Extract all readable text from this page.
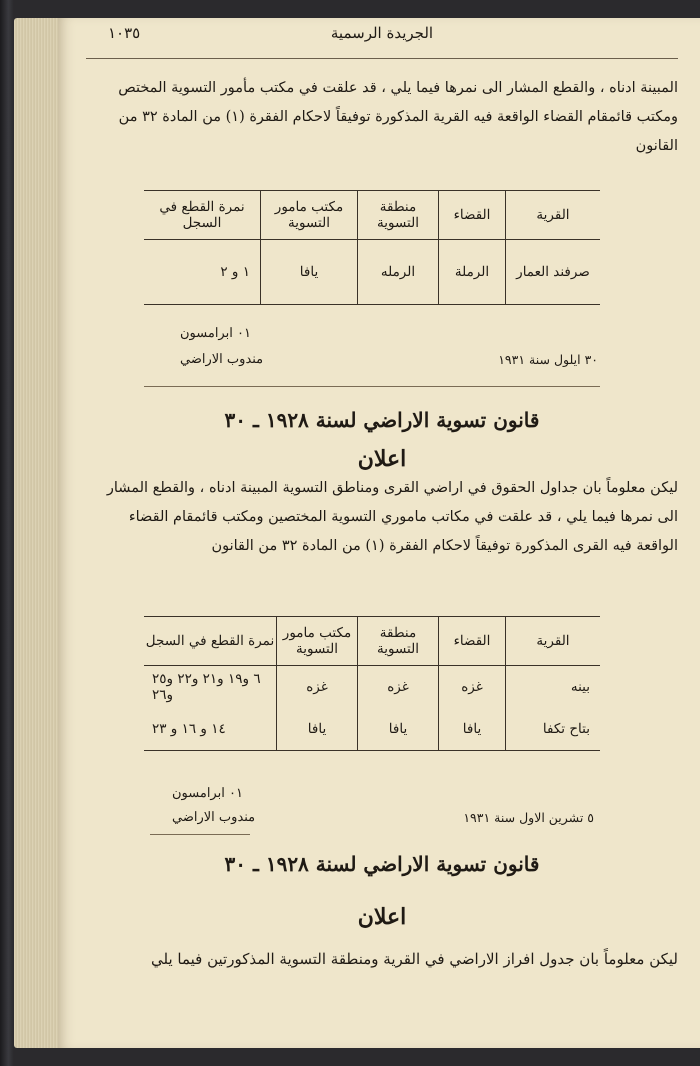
١٠٣٥	الجريدة الرسمية
المبينة ادناه ، والقطع المشار الى نمرها فيما يلي ، قد علقت في مكتب مأمور التسوية المختص ومكتب قائمقام القضاء الواقعة فيه القرية المذكورة توفيقاً لاحكام الفقرة (١) من المادة ٣٢ من القانون
القرية	القضاء	منطقة التسوية	مكتب مامور التسوية	نمرة القطع في السجل
صرفند العمار	الرملة	الرمله	يافا	١ و ٢
٠١ ابرامسون
مندوب الاراضي	٣٠ ايلول سنة ١٩٣١
قانون تسوية الاراضي لسنة ١٩٢٨ ـ ٣٠
اعلان
ليكن معلوماً بان جداول الحقوق في اراضي القرى ومناطق التسوية المبينة ادناه ، والقطع المشار الى نمرها فيما يلي ، قد علقت في مكاتب ماموري التسوية المختصين ومكتب قائمقام القضاء الواقعة فيه القرى المذكورة توفيقاً لاحكام الفقرة (١) من المادة ٣٢ من القانون
القرية	القضاء	منطقة التسوية	مكتب مامور التسوية	نمرة القطع في السجل
بينه	غزه	غزه	غزه	٦ و١٩ و٢١ و٢٢ و٢٥ و٢٦
بتاح تكفا	يافا	يافا	يافا	١٤ و ١٦ و ٢٣
٠١ ابرامسون
مندوب الاراضي	٥ تشرين الاول سنة ١٩٣١
قانون تسوية الاراضي لسنة ١٩٢٨ ـ ٣٠
اعلان
ليكن معلوماً بان جدول افراز الاراضي في القرية ومنطقة التسوية المذكورتين فيما يلي
